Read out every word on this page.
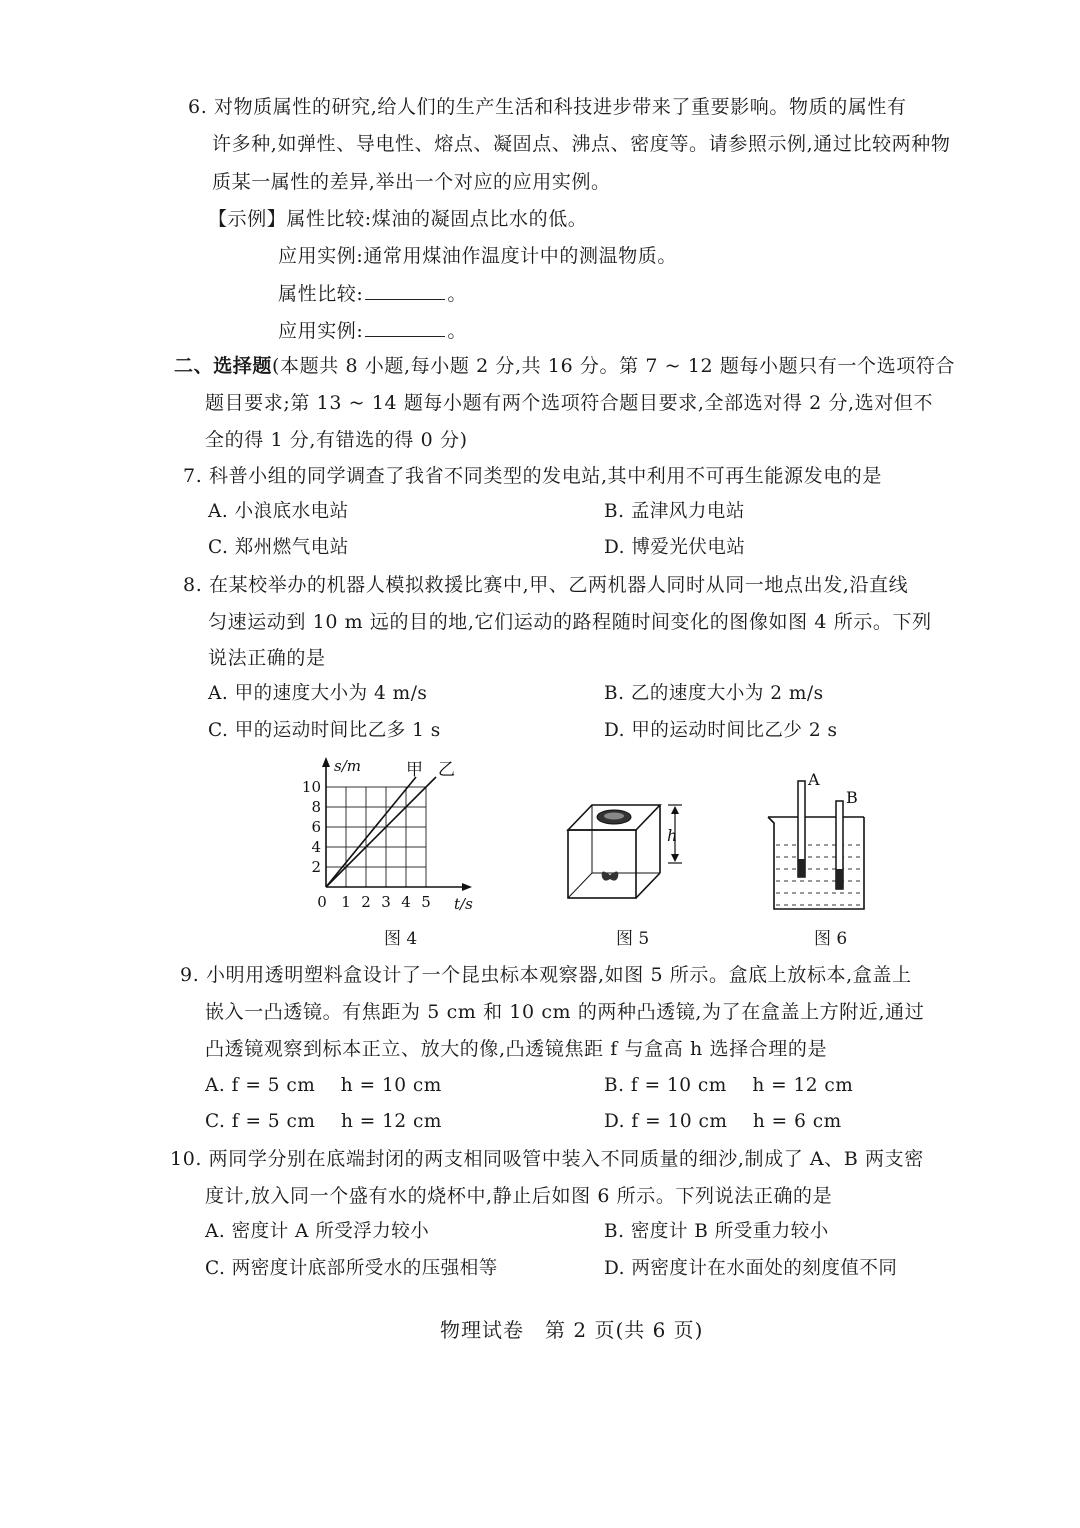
6. 对物质属性的研究,给人们的生产生活和科技进步带来了重要影响。物质的属性有
许多种,如弹性、导电性、熔点、凝固点、沸点、密度等。请参照示例,通过比较两种物
质某一属性的差异,举出一个对应的应用实例。
【示例】属性比较:煤油的凝固点比水的低。
应用实例:通常用煤油作温度计中的测温物质。
属性比较:	。
应用实例:	。
二、选择题(本题共 8 小题,每小题 2 分,共 16 分。第 7 ~ 12 题每小题只有一个选项符合
题目要求;第 13 ~ 14 题每小题有两个选项符合题目要求,全部选对得 2 分,选对但不
全的得 1 分,有错选的得 0 分)
7. 科普小组的同学调查了我省不同类型的发电站,其中利用不可再生能源发电的是
A. 小浪底水电站	B. 孟津风力电站
C. 郑州燃气电站	D. 博爱光伏电站
8. 在某校举办的机器人模拟救援比赛中,甲、乙两机器人同时从同一地点出发,沿直线
匀速运动到 10 m 远的目的地,它们运动的路程随时间变化的图像如图 4 所示。下列
说法正确的是
A. 甲的速度大小为 4 m/s	B. 乙的速度大小为 2 m/s
C. 甲的运动时间比乙多 1 s	D. 甲的运动时间比乙少 2 s
s/m	甲 乙
2
4
6
8
10
0 1 2 3 4 5 t/s
图 4
h
图 5
A
B
图 6
9. 小明用透明塑料盒设计了一个昆虫标本观察器,如图 5 所示。盒底上放标本,盒盖上
嵌入一凸透镜。有焦距为 5 cm 和 10 cm 的两种凸透镜,为了在盒盖上方附近,通过
凸透镜观察到标本正立、放大的像,凸透镜焦距 f 与盒高 h 选择合理的是
A. f = 5 cm    h = 10 cm	B. f = 10 cm    h = 12 cm
C. f = 5 cm    h = 12 cm	D. f = 10 cm    h = 6 cm
10. 两同学分别在底端封闭的两支相同吸管中装入不同质量的细沙,制成了 A、B 两支密
度计,放入同一个盛有水的烧杯中,静止后如图 6 所示。下列说法正确的是
A. 密度计 A 所受浮力较小	B. 密度计 B 所受重力较小
C. 两密度计底部所受水的压强相等	D. 两密度计在水面处的刻度值不同
物理试卷　第 2 页(共 6 页)
